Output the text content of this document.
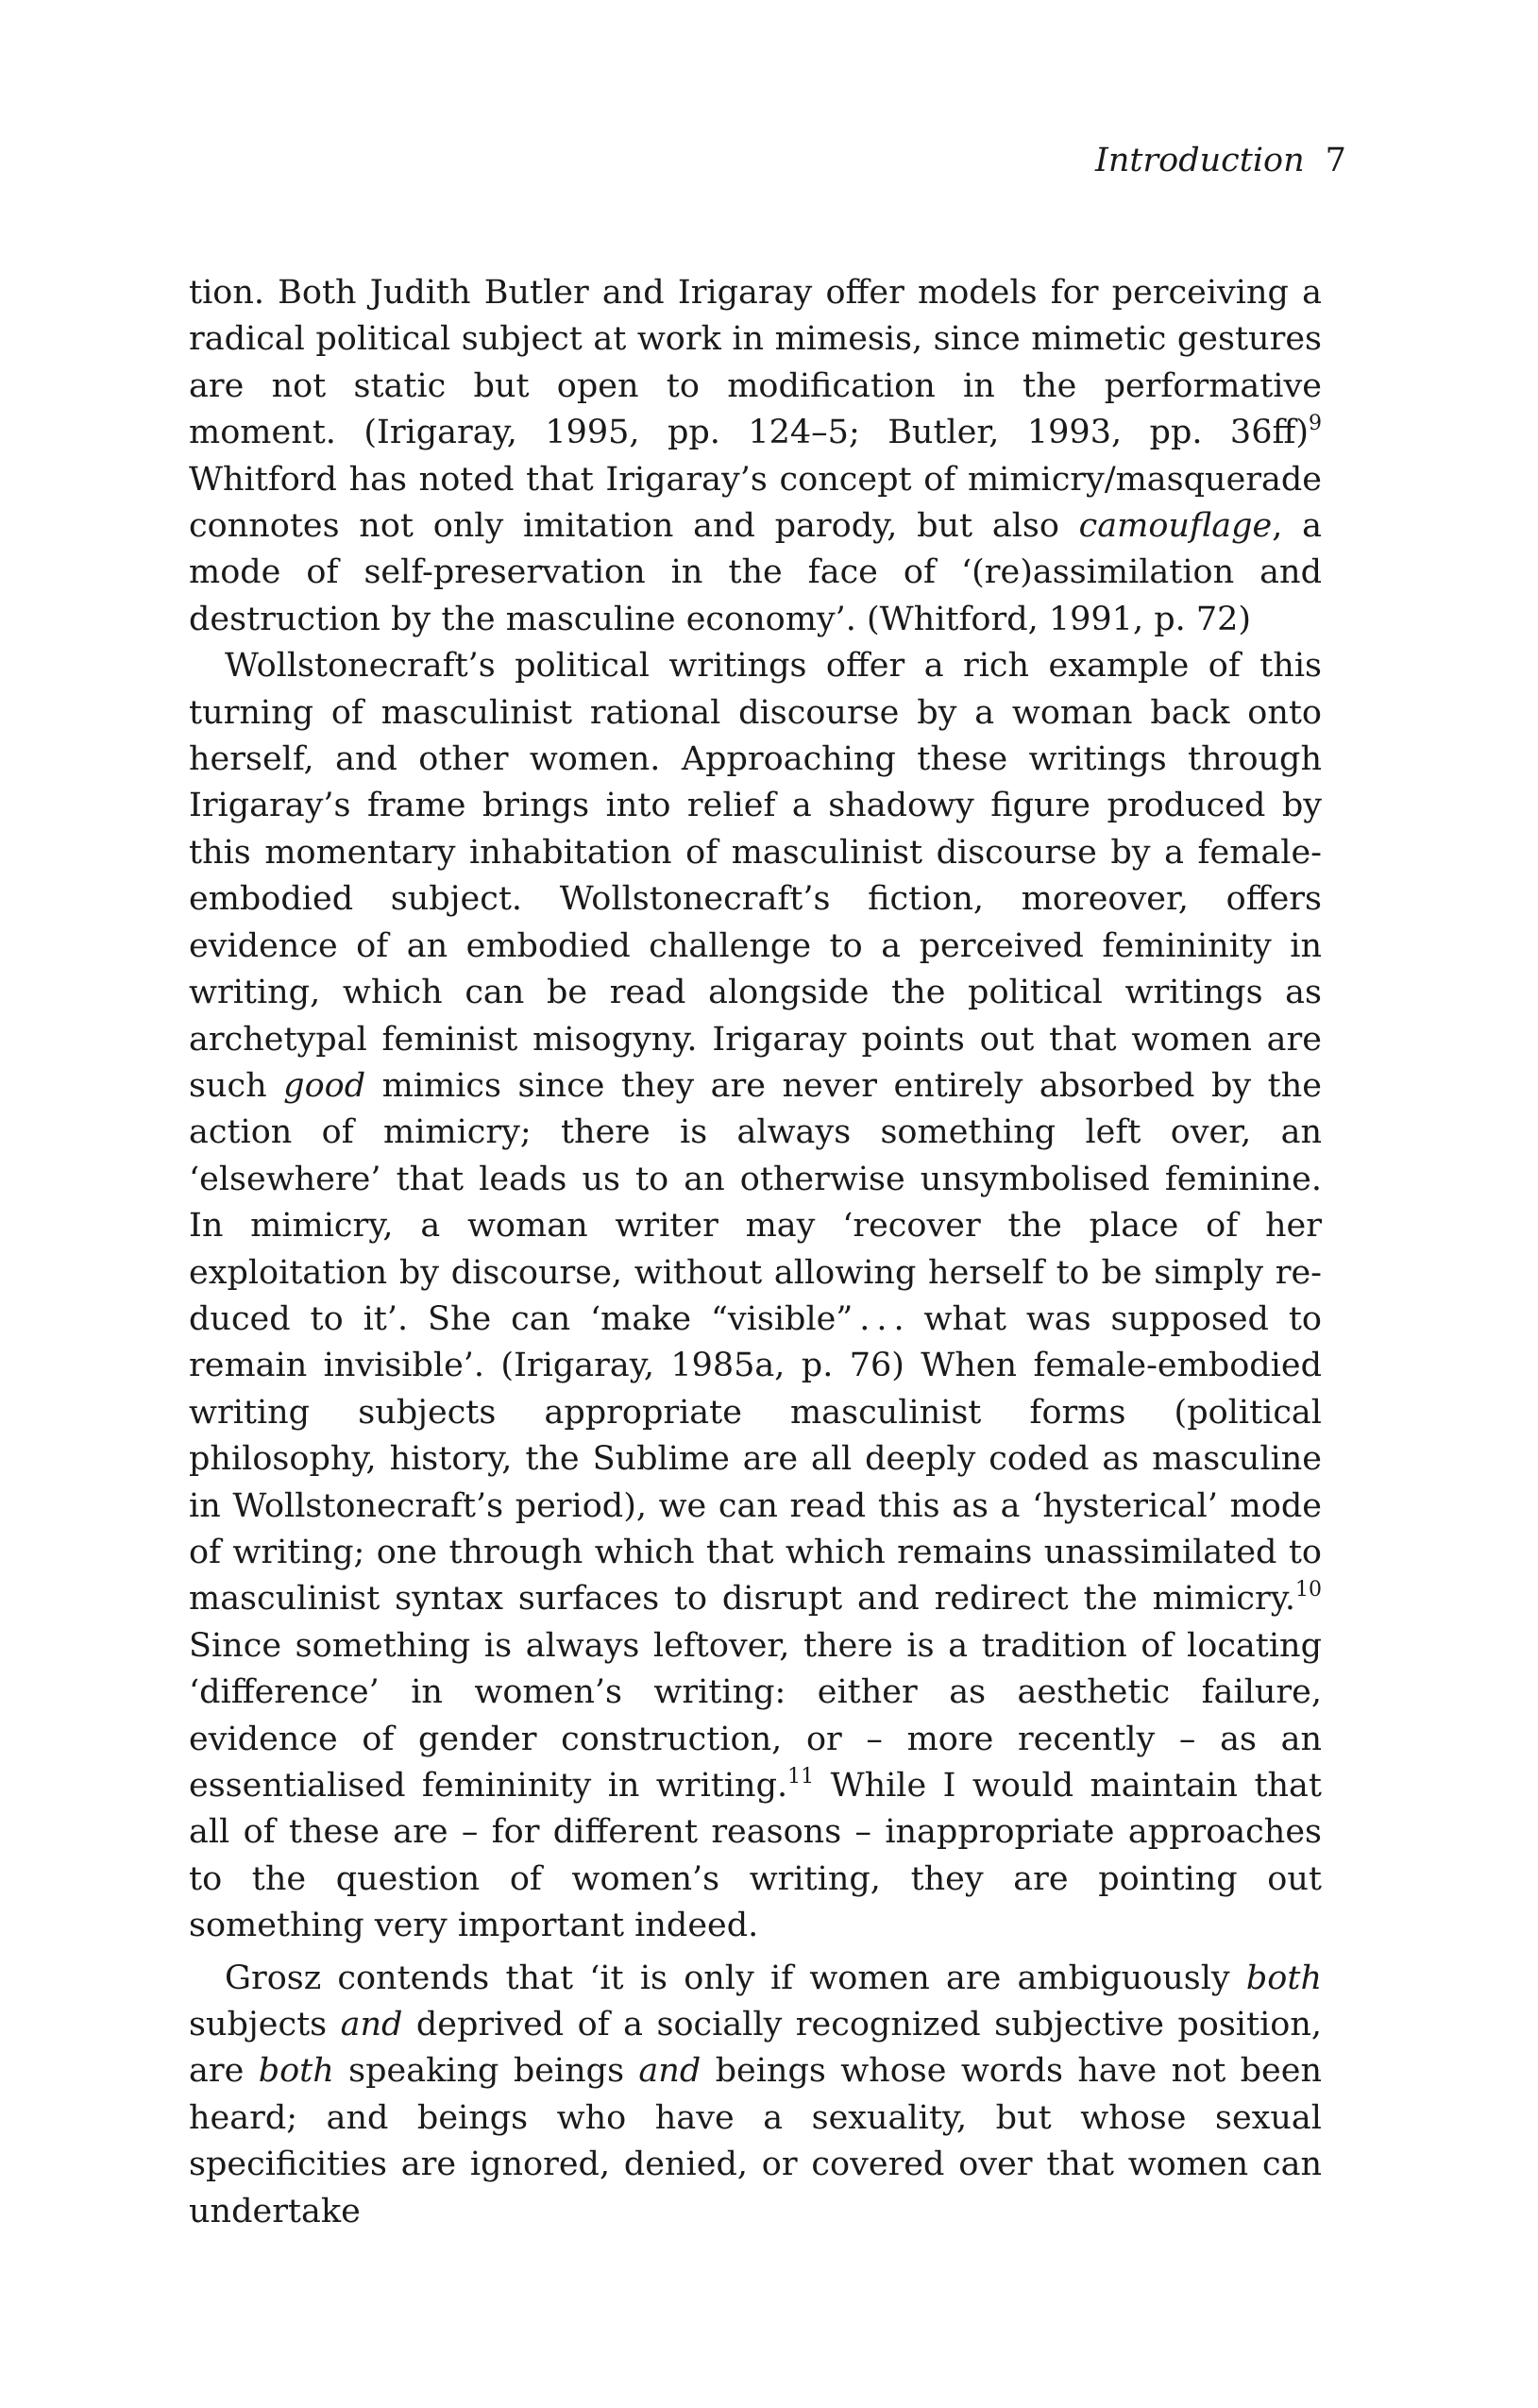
Introduction 7

tion. Both Judith Butler and Irigaray offer models for perceiving a radical political subject at work in mimesis, since mimetic gestures are not static but open to modification in the performative moment. (Irigaray, 1995, pp. 124–5; Butler, 1993, pp. 36ff)$^9$ Whitford has noted that Irigaray’s concept of mimicry/masquerade connotes not only imitation and parody, but also camouflage, a mode of self-preservation in the face of ‘(re)assimilation and destruction by the masculine economy’. (Whitford, 1991, p. 72)

Wollstonecraft’s political writings offer a rich example of this turning of masculinist rational discourse by a woman back onto herself, and other women. Approaching these writings through Irigaray’s frame brings into relief a shadowy figure produced by this momentary inhabitation of masculinist discourse by a female-embodied subject. Wollstonecraft’s fiction, moreover, offers evidence of an embodied challenge to a perceived femininity in writing, which can be read alongside the political writings as archetypal feminist misogyny. Irigaray points out that women are such good mimics since they are never entirely absorbed by the action of mimicry; there is always something left over, an ‘elsewhere’ that leads us to an otherwise unsymbolised feminine. In mimicry, a woman writer may ‘recover the place of her exploitation by discourse, without allowing herself to be simply reduced to it’. She can ‘make “visible” . . . what was supposed to remain invisible’. (Irigaray, 1985a, p. 76) When female-embodied writing subjects appropriate masculinist forms (political philosophy, history, the Sublime are all deeply coded as masculine in Wollstonecraft’s period), we can read this as a ‘hysterical’ mode of writing; one through which that which remains unassimilated to masculinist syntax surfaces to disrupt and redirect the mimicry.$^{10}$ Since something is always leftover, there is a tradition of locating ‘difference’ in women’s writing: either as aesthetic failure, evidence of gender construction, or – more recently – as an essentialised femininity in writing.$^{11}$ While I would maintain that all of these are – for different reasons – inappropriate approaches to the question of women’s writing, they are pointing out something very important indeed.

Grosz contends that ‘it is only if women are ambiguously both subjects and deprived of a socially recognized subjective position, are both speaking beings and beings whose words have not been heard; and beings who have a sexuality, but whose sexual specificities are ignored, denied, or covered over that women can undertake
